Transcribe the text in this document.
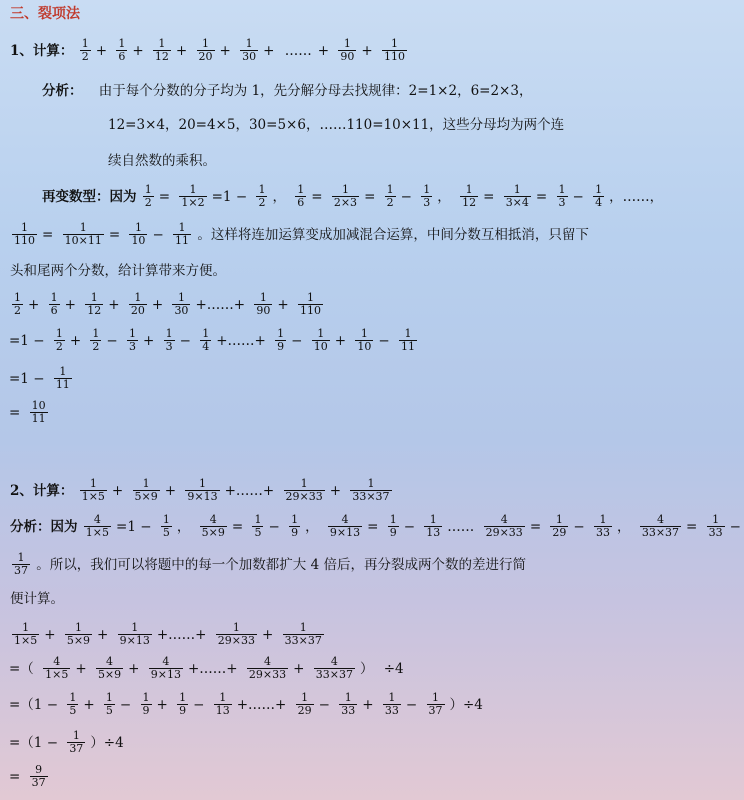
三、裂项法
1、计算： $\frac{1}{2} + \frac{1}{6} + \frac{1}{12} + \frac{1}{20} + \frac{1}{30}$ + …… + $\frac{1}{90} + \frac{1}{110}$
分析： 由于每个分数的分子均为 1，先分解分母去找规律：2=1×2，6=2×3，
12=3×4，20=4×5，30=5×6，……110=10×11，这些分母均为两个连
续自然数的乘积。
再变数型：因为 $\frac{1}{2} = \frac{1}{1\times 2} =1 - \frac{1}{2}$ ， $\frac{1}{6} = \frac{1}{2\times 3} = \frac{1}{2} - \frac{1}{3}$ ， $\frac{1}{12} = \frac{1}{3\times 4} = \frac{1}{3} - \frac{1}{4}$ ，……，
$\frac{1}{110} = \frac{1}{10\times 11} = \frac{1}{10} - \frac{1}{11}$ 。这样将连加运算变成加减混合运算，中间分数互相抵消，只留下
头和尾两个分数，给计算带来方便。
$\frac{1}{2} + \frac{1}{6} + \frac{1}{12} + \frac{1}{20} + \frac{1}{30}$ +……+ $\frac{1}{90} + \frac{1}{110}$
$=1 - \frac{1}{2} + \frac{1}{2} - \frac{1}{3} + \frac{1}{3} - \frac{1}{4}$ +……+ $\frac{1}{9} - \frac{1}{10} + \frac{1}{10} - \frac{1}{11}$
$=1 - \frac{1}{11}$
= $\frac{10}{11}$
2、计算： $\frac{1}{1\times 5} + \frac{1}{5\times 9} + \frac{1}{9\times 13}$ +……+ $\frac{1}{29\times 33} + \frac{1}{33\times 37}$
分析：因为 $\frac{4}{1\times 5} =1 - \frac{1}{5}$ ， $\frac{4}{5\times 9} = \frac{1}{5} - \frac{1}{9}$ ， $\frac{4}{9\times 13} = \frac{1}{9} - \frac{1}{13}$ …… $\frac{4}{29\times 33} = \frac{1}{29} - \frac{1}{33}$ ， $\frac{4}{33\times 37} = \frac{1}{33}$ −
$\frac{1}{37}$ 。所以，我们可以将题中的每一个加数都扩大 4 倍后，再分裂成两个数的差进行简
便计算。
$\frac{1}{1\times 5} + \frac{1}{5\times 9} + \frac{1}{9\times 13}$ +……+ $\frac{1}{29\times 33} + \frac{1}{33\times 37}$
=（ $\frac{4}{1\times 5} + \frac{4}{5\times 9} + \frac{4}{9\times 13}$ +……+ $\frac{4}{29\times 33} + \frac{4}{33\times 37}$ ） ÷4
$=(1 - \frac{1}{5} + \frac{1}{5} - \frac{1}{9} + \frac{1}{9} - \frac{1}{13}$ +……+ $\frac{1}{29} - \frac{1}{33} + \frac{1}{33} - \frac{1}{37} )\div 4$
$=(1 - \frac{1}{37} )\div 4$
= $\frac{9}{37}$
